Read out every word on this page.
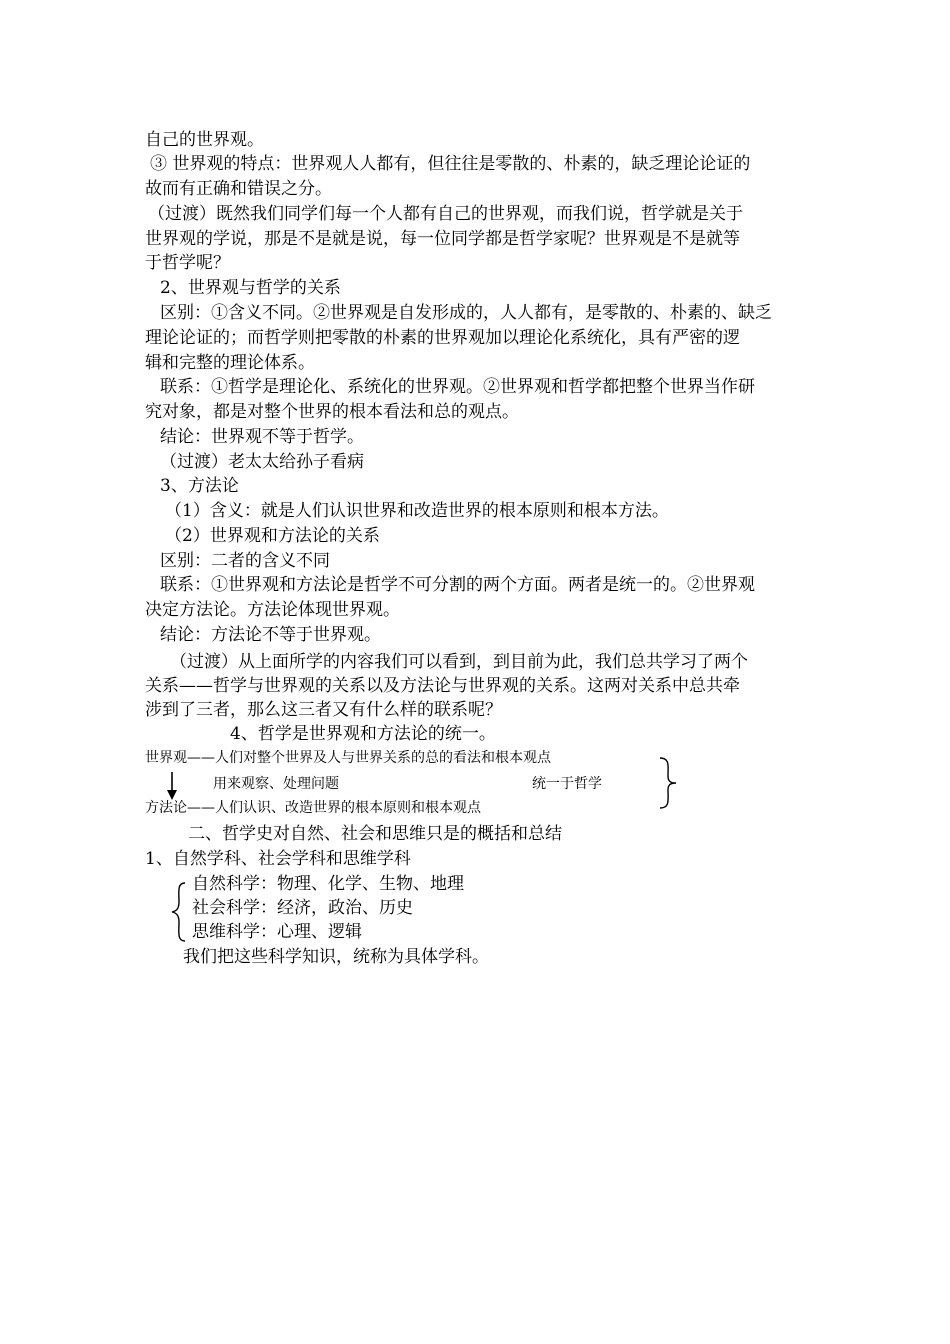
自己的世界观。
③ 世界观的特点：世界观人人都有，但往往是零散的、朴素的，缺乏理论论证的
故而有正确和错误之分。
（过渡）既然我们同学们每一个人都有自己的世界观，而我们说，哲学就是关于
世界观的学说，那是不是就是说，每一位同学都是哲学家呢？世界观是不是就等
于哲学呢？
2、世界观与哲学的关系
区别：①含义不同。②世界观是自发形成的，人人都有，是零散的、朴素的、缺乏
理论论证的；而哲学则把零散的朴素的世界观加以理论化系统化，具有严密的逻
辑和完整的理论体系。
联系：①哲学是理论化、系统化的世界观。②世界观和哲学都把整个世界当作研
究对象，都是对整个世界的根本看法和总的观点。
结论：世界观不等于哲学。
（过渡）老太太给孙子看病
3、方法论
（1）含义：就是人们认识世界和改造世界的根本原则和根本方法。
（2）世界观和方法论的关系
区别：二者的含义不同
联系：①世界观和方法论是哲学不可分割的两个方面。两者是统一的。②世界观
决定方法论。方法论体现世界观。
结论：方法论不等于世界观。
（过渡）从上面所学的内容我们可以看到，到目前为此，我们总共学习了两个
关系——哲学与世界观的关系以及方法论与世界观的关系。这两对关系中总共牵
涉到了三者，那么这三者又有什么样的联系呢？
4、哲学是世界观和方法论的统一。
世界观——人们对整个世界及人与世界关系的总的看法和根本观点
用来观察、处理问题	统一于哲学
方法论——人们认识、改造世界的根本原则和根本观点
二、哲学史对自然、社会和思维只是的概括和总结
1、自然学科、社会学科和思维学科
自然科学：物理、化学、生物、地理
社会科学：经济，政治、历史
思维科学：心理、逻辑
我们把这些科学知识，统称为具体学科。
